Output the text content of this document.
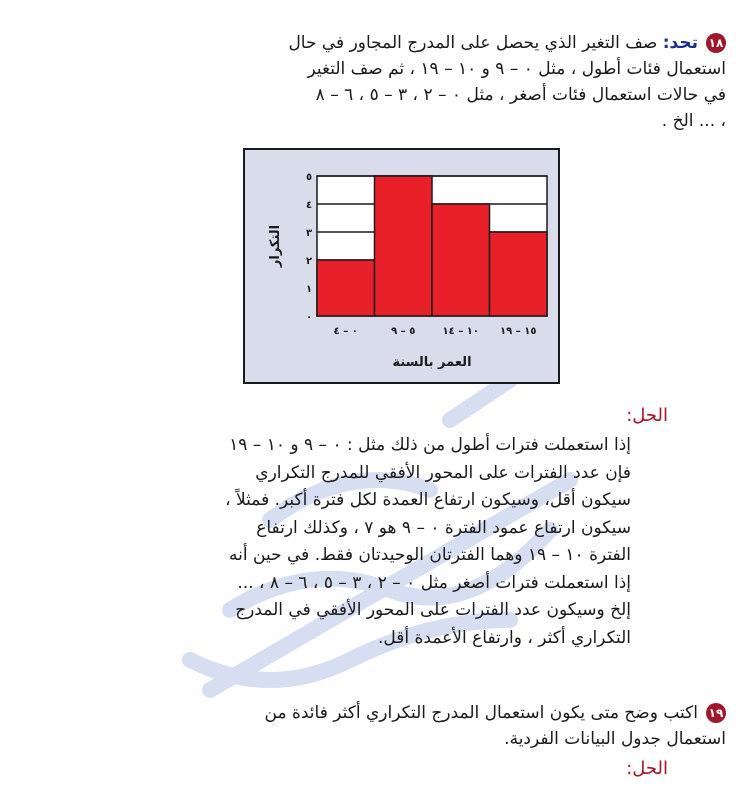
١٨تحد: صف التغير الذي يحصل على المدرج المجاور في حال

استعمال فئات أطول ، مثل ٠ – ٩ و ١٠ – ١٩ ، ثم صف التغير

في حالات استعمال فئات أصغر ، مثل ٠ – ٢ ، ٣ – ٥ ، ٦ – ٨

، ... الخ .

٠
١
٢
٣
٤
٥
٠ – ٤	٥ – ٩	١٠ – ١٤ ١٥ – ١٩
العمر بالسنة
التكرار
الحل:

إذا استعملت فترات أطول من ذلك مثل : ٠ – ٩ و ١٠ – ١٩

فإن عدد الفترات على المحور الأفقي للمدرج التكراري

سيكون أقل، وسيكون ارتفاع العمدة لكل فترة أكبر. فمثلاً ،

سيكون ارتفاع عمود الفترة ٠ – ٩ هو ٧ ، وكذلك ارتفاع

الفترة ١٠ – ١٩ وهما الفترتان الوحيدتان فقط. في حين أنه

إذا استعملت فترات أصغر مثل ٠ – ٢ ، ٣ – ٥ ، ٦ – ٨ ، ...

إلخ وسيكون عدد الفترات على المحور الأفقي في المدرج

التكراري أكثر ، وارتفاع الأعمدة أقل.

١٩اكتب وضح متى يكون استعمال المدرج التكراري أكثر فائدة من

استعمال جدول البيانات الفردية.

الحل:
